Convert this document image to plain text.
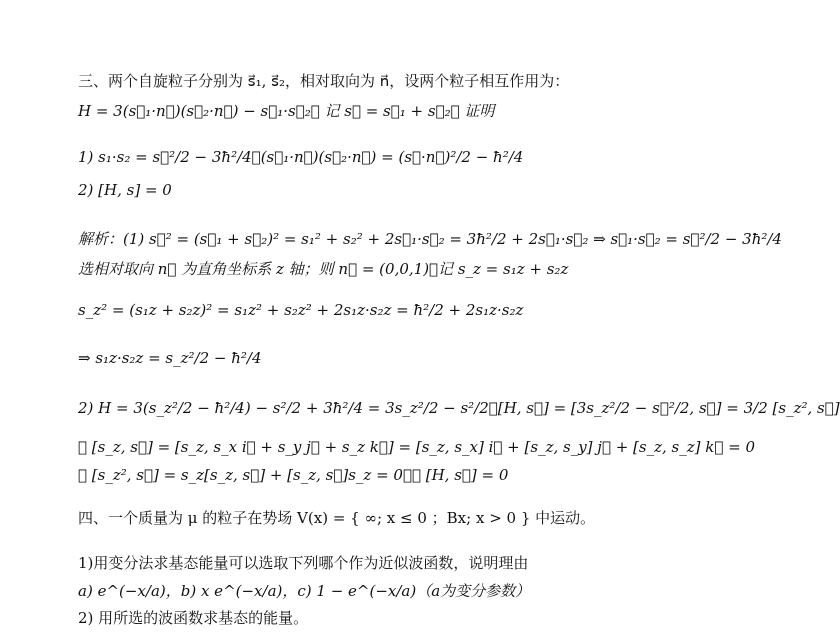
三、两个自旋粒子分别为 s⃗₁, s⃗₂，相对取向为 n⃗，设两个粒子相互作用为：
H = 3(s⃗₁·n⃗)(s⃗₂·n⃗) − s⃗₁·s⃗₂， 记 s⃗ = s⃗₁ + s⃗₂， 证明
1) s₁·s₂ = s⃗²/2 − 3ħ²/4，(s⃗₁·n⃗)(s⃗₂·n⃗) = (s⃗·n⃗)²/2 − ħ²/4
2) [H, s] = 0
解析：(1) s⃗² = (s⃗₁ + s⃗₂)² = s₁² + s₂² + 2s⃗₁·s⃗₂ = 3ħ²/2 + 2s⃗₁·s⃗₂ ⇒ s⃗₁·s⃗₂ = s⃗²/2 − 3ħ²/4
选相对取向 n⃗ 为直角坐标系 z 轴；则 n⃗ = (0,0,1)，记 s_z = s₁z + s₂z
s_z² = (s₁z + s₂z)² = s₁z² + s₂z² + 2s₁z·s₂z = ħ²/2 + 2s₁z·s₂z
⇒ s₁z·s₂z = s_z²/2 − ħ²/4
2) H = 3(s_z²/2 − ħ²/4) − s²/2 + 3ħ²/4 = 3s_z²/2 − s²/2；[H, s⃗] = [3s_z²/2 − s⃗²/2, s⃗] = 3/2 [s_z², s⃗]
∵ [s_z, s⃗] = [s_z, s_x i⃗ + s_y j⃗ + s_z k⃗] = [s_z, s_x] i⃗ + [s_z, s_y] j⃗ + [s_z, s_z] k⃗ = 0
∴ [s_z², s⃗] = s_z[s_z, s⃗] + [s_z, s⃗]s_z = 0；∴ [H, s⃗] = 0
四、一个质量为 μ 的粒子在势场 V(x) = { ∞; x ≤ 0 ；Bx; x > 0 } 中运动。
1)用变分法求基态能量可以选取下列哪个作为近似波函数，说明理由
a) e^(−x/a)，b) x e^(−x/a)，c) 1 − e^(−x/a)（a为变分参数）
2) 用所选的波函数求基态的能量。
